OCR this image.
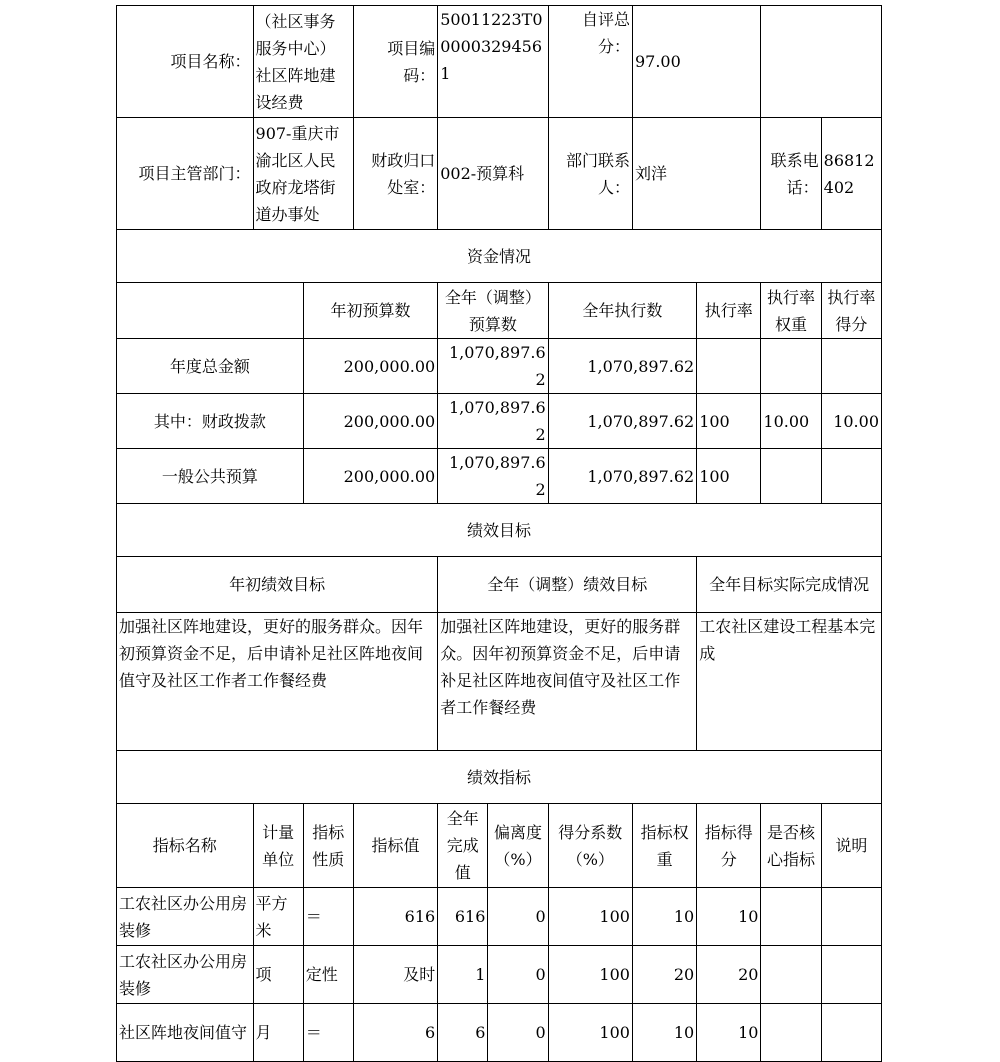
项目名称：	（社区事务服务中心）社区阵地建设经费		项目编码：	50011223T000003294561		自评总分：	97.00			
项目主管部门：	907-重庆市渝北区人民政府龙塔街道办事处		财政归口处室：	002-预算科		部门联系人：	刘洋		联系电话：	86812402
资金情况										
		年初预算数		全年（调整）预算数		全年执行数		执行率	执行率权重	执行率得分
年度总金额		200,000.00		1,070,897.62		1,070,897.62				
其中：财政拨款		200,000.00		1,070,897.62		1,070,897.62		100	10.00	10.00
一般公共预算		200,000.00		1,070,897.62		1,070,897.62		100		
绩效目标										
年初绩效目标				全年（调整）绩效目标				全年目标实际完成情况		
加强社区阵地建设，更好的服务群众。因年初预算资金不足，后申请补足社区阵地夜间值守及社区工作者工作餐经费				加强社区阵地建设，更好的服务群众。因年初预算资金不足，后申请补足社区阵地夜间值守及社区工作者工作餐经费				工农社区建设工程基本完成		
绩效指标										
指标名称	计量单位	指标性质	指标值	全年完成值	偏离度（%）	得分系数（%）	指标权重	指标得分	是否核心指标	说明
工农社区办公用房装修	平方米	＝	616	616	0	100	10	10		
工农社区办公用房装修	项	定性	及时	1	0	100	20	20		
社区阵地夜间值守	月	＝	6	6	0	100	10	10		
